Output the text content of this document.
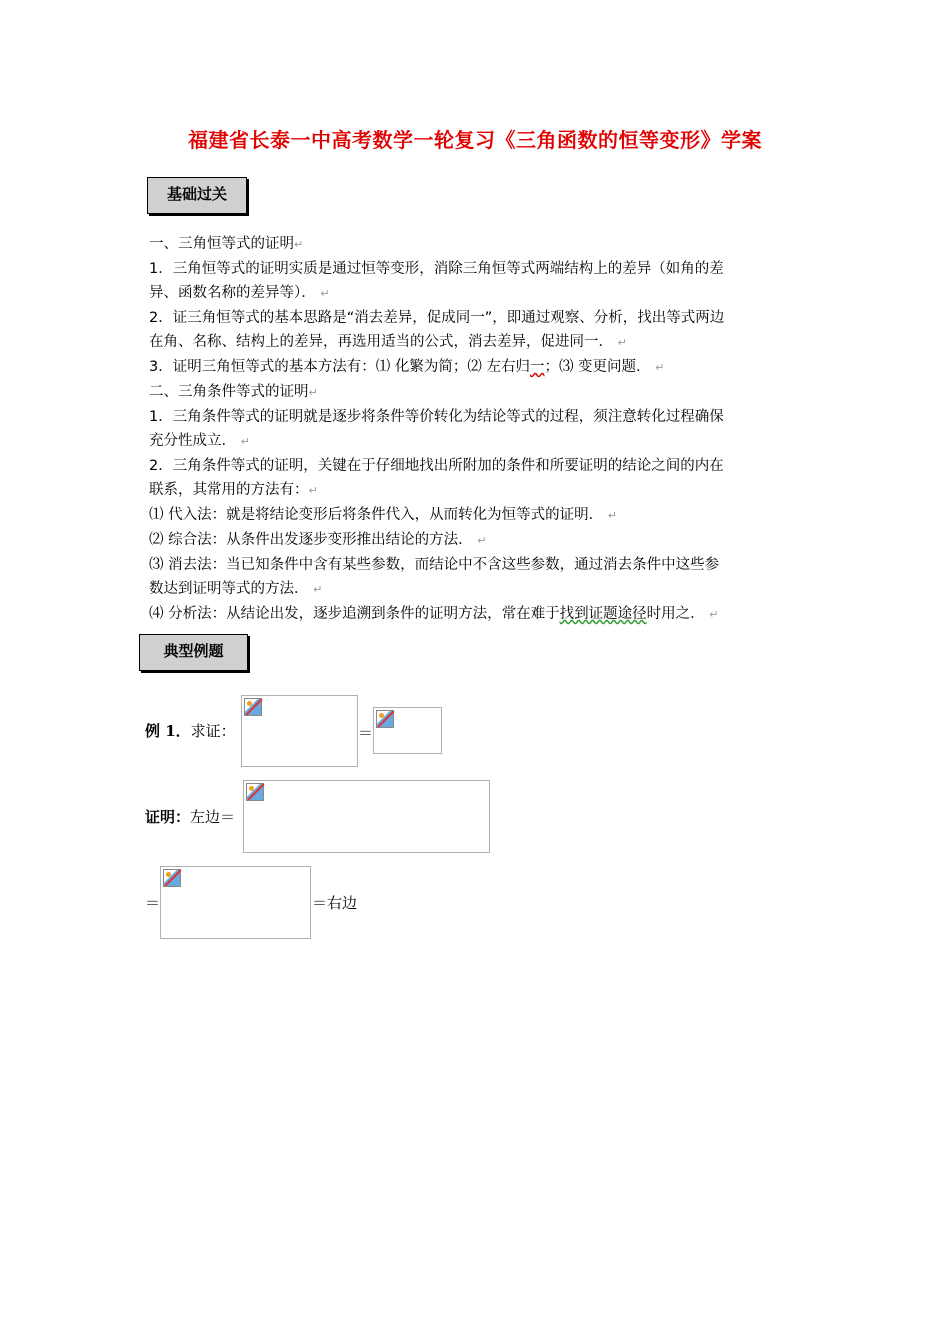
福建省长泰一中高考数学一轮复习《三角函数的恒等变形》学案
基础过关

一、三角恒等式的证明↵

1．三角恒等式的证明实质是通过恒等变形，消除三角恒等式两端结构上的差异（如角的差

异、函数名称的差异等）． ↵

2．证三角恒等式的基本思路是“消去差异，促成同一”，即通过观察、分析，找出等式两边

在角、名称、结构上的差异，再选用适当的公式，消去差异，促进同一． ↵

3．证明三角恒等式的基本方法有：⑴ 化繁为简；⑵ 左右归一；⑶ 变更问题． ↵

二、三角条件等式的证明↵

1．三角条件等式的证明就是逐步将条件等价转化为结论等式的过程，须注意转化过程确保

充分性成立． ↵

2．三角条件等式的证明，关键在于仔细地找出所附加的条件和所要证明的结论之间的内在

联系，其常用的方法有：↵

⑴ 代入法：就是将结论变形后将条件代入，从而转化为恒等式的证明． ↵

⑵ 综合法：从条件出发逐步变形推出结论的方法． ↵

⑶ 消去法：当已知条件中含有某些参数，而结论中不含这些参数，通过消去条件中这些参

数达到证明等式的方法． ↵

⑷ 分析法：从结论出发，逐步追溯到条件的证明方法，常在难于找到证题途径时用之． ↵

典型例题
例 1．求证：	＝
证明：左边＝
＝	＝右边
